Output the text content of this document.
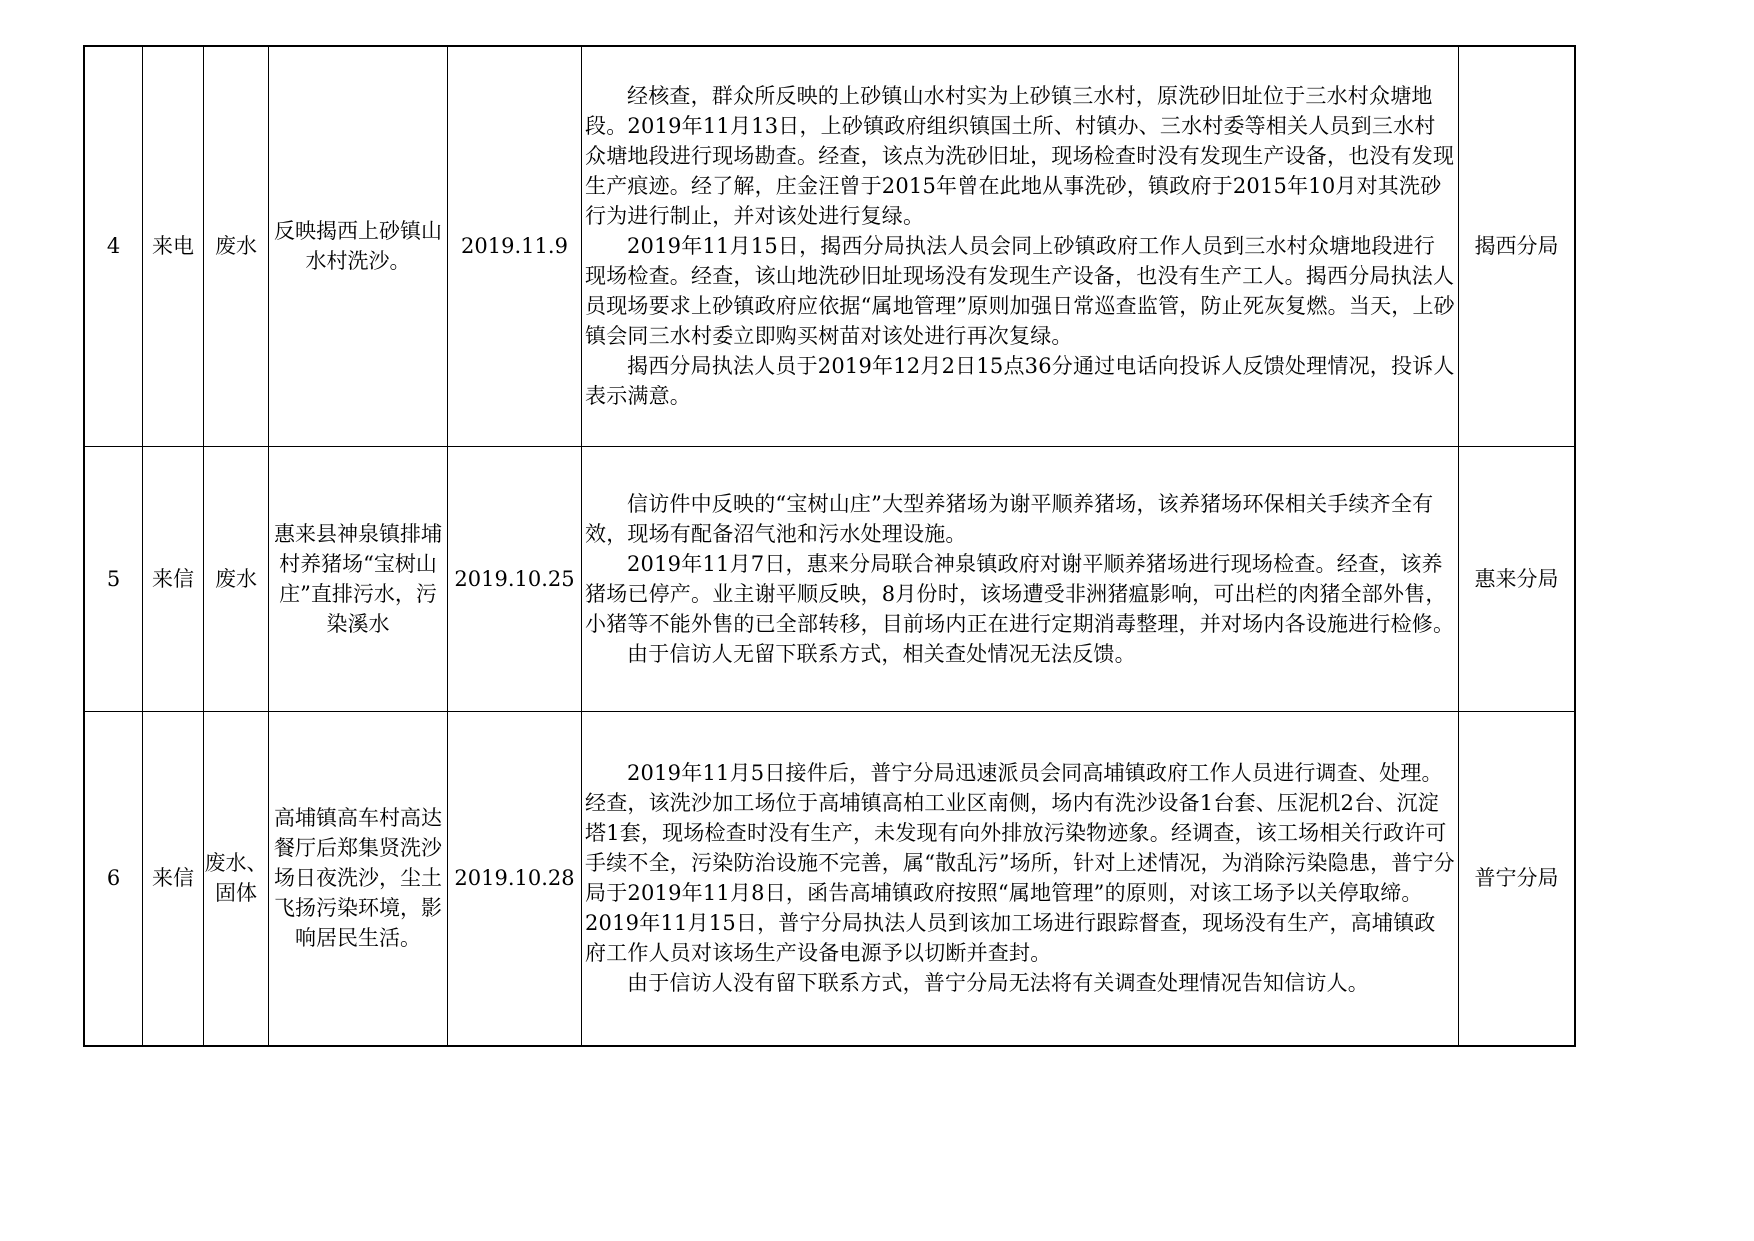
4	来电	废水	反映揭西上砂镇山水村洗沙。	2019.11.9	经核查，群众所反映的上砂镇山水村实为上砂镇三水村，原洗砂旧址位于三水村众塘地段。2019年11月13日，上砂镇政府组织镇国土所、村镇办、三水村委等相关人员到三水村众塘地段进行现场勘查。经查，该点为洗砂旧址，现场检查时没有发现生产设备，也没有发现生产痕迹。经了解，庄金汪曾于2015年曾在此地从事洗砂，镇政府于2015年10月对其洗砂行为进行制止，并对该处进行复绿。

2019年11月15日，揭西分局执法人员会同上砂镇政府工作人员到三水村众塘地段进行现场检查。经查，该山地洗砂旧址现场没有发现生产设备，也没有生产工人。揭西分局执法人员现场要求上砂镇政府应依据“属地管理”原则加强日常巡查监管，防止死灰复燃。当天，上砂镇会同三水村委立即购买树苗对该处进行再次复绿。

揭西分局执法人员于2019年12月2日15点36分通过电话向投诉人反馈处理情况，投诉人表示满意。	揭西分局
5	来信	废水	惠来县神泉镇排埔村养猪场“宝树山庄”直排污水，污染溪水	2019.10.25	信访件中反映的“宝树山庄”大型养猪场为谢平顺养猪场，该养猪场环保相关手续齐全有效，现场有配备沼气池和污水处理设施。

2019年11月7日，惠来分局联合神泉镇政府对谢平顺养猪场进行现场检查。经查，该养猪场已停产。业主谢平顺反映，8月份时，该场遭受非洲猪瘟影响，可出栏的肉猪全部外售，小猪等不能外售的已全部转移，目前场内正在进行定期消毒整理，并对场内各设施进行检修。

由于信访人无留下联系方式，相关查处情况无法反馈。	惠来分局
6	来信	废水、固体	高埔镇高车村高达餐厅后郑集贤洗沙场日夜洗沙，尘土飞扬污染环境，影响居民生活。	2019.10.28	2019年11月5日接件后，普宁分局迅速派员会同高埔镇政府工作人员进行调查、处理。经查，该洗沙加工场位于高埔镇高柏工业区南侧，场内有洗沙设备1台套、压泥机2台、沉淀塔1套，现场检查时没有生产，未发现有向外排放污染物迹象。经调查，该工场相关行政许可手续不全，污染防治设施不完善，属“散乱污”场所，针对上述情况，为消除污染隐患，普宁分局于2019年11月8日，函告高埔镇政府按照“属地管理”的原则，对该工场予以关停取缔。2019年11月15日，普宁分局执法人员到该加工场进行跟踪督查，现场没有生产，高埔镇政府工作人员对该场生产设备电源予以切断并查封。

由于信访人没有留下联系方式，普宁分局无法将有关调查处理情况告知信访人。	普宁分局
